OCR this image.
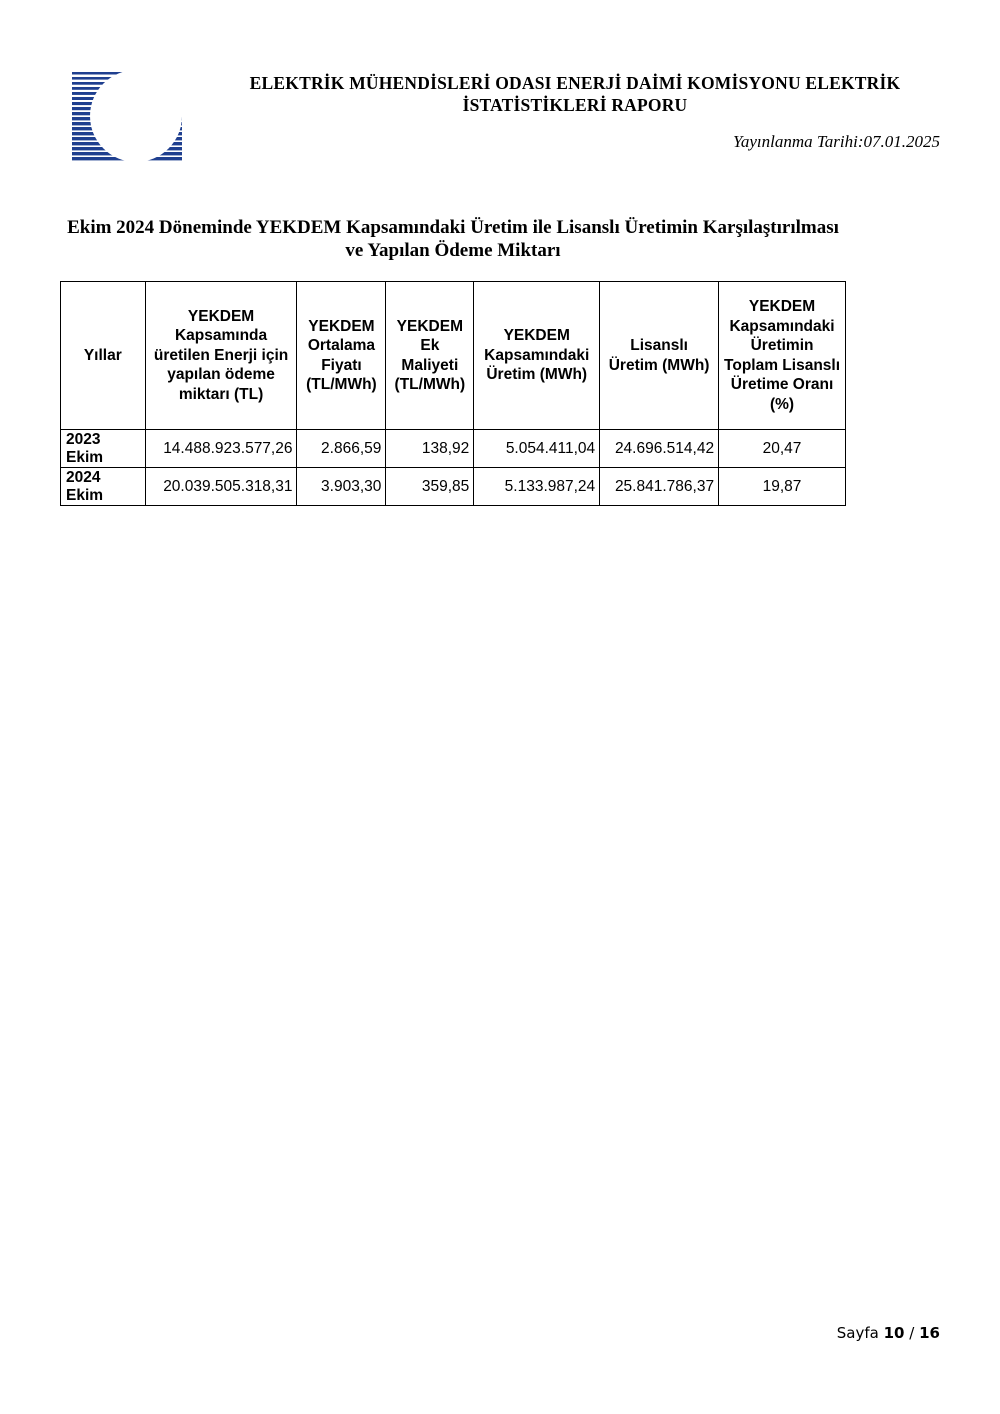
ELEKTRİK MÜHENDİSLERİ ODASI ENERJİ DAİMİ KOMİSYONU ELEKTRİK İSTATİSTİKLERİ RAPORU
Yayınlanma Tarihi:07.01.2025
Ekim 2024 Döneminde YEKDEM Kapsamındaki Üretim ile Lisanslı Üretimin Karşılaştırılması ve Yapılan Ödeme Miktarı
Yıllar	YEKDEM Kapsamında üretilen Enerji için yapılan ödeme miktarı (TL)	YEKDEM Ortalama Fiyatı (TL/MWh)	YEKDEM Ek Maliyeti (TL/MWh)	YEKDEM Kapsamındaki Üretim (MWh)	Lisanslı Üretim (MWh)	YEKDEM Kapsamındaki Üretimin Toplam Lisanslı Üretime Oranı (%)
2023 Ekim	14.488.923.577,26	2.866,59	138,92	5.054.411,04	24.696.514,42	20,47
2024 Ekim	20.039.505.318,31	3.903,30	359,85	5.133.987,24	25.841.786,37	19,87
Sayfa 10 / 16
